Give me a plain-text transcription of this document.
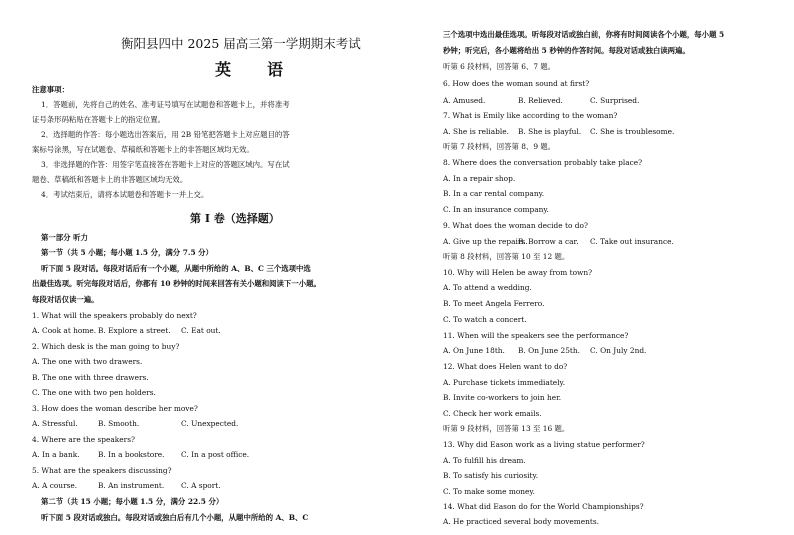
衡阳县四中 2025 届高三第一学期期末考试
英　语
注意事项：
1．答题前，先将自己的姓名、准考证号填写在试题卷和答题卡上，并将准考
证号条形码粘贴在答题卡上的指定位置。
2．选择题的作答：每小题选出答案后，用 2B 铅笔把答题卡上对应题目的答
案标号涂黑，写在试题卷、草稿纸和答题卡上的非答题区域均无效。
3．非选择题的作答：用签字笔直接答在答题卡上对应的答题区域内。写在试
题卷、草稿纸和答题卡上的非答题区域均无效。
4．考试结束后，请将本试题卷和答题卡一并上交。
第 I 卷（选择题）
第一部分 听力
第一节（共 5 小题；每小题 1.5 分，满分 7.5 分）
听下面 5 段对话。每段对话后有一个小题，从题中所给的 A、B、C 三个选项中选
出最佳选项。听完每段对话后，你都有 10 秒钟的时间来回答有关小题和阅读下一小题。
每段对话仅读一遍。
1. What will the speakers probably do next?
A. Cook at home. B. Explore a street. C. Eat out.
2. Which desk is the man going to buy?
A. The one with two drawers.
B. The one with three drawers.
C. The one with two pen holders.
3. How does the woman describe her move?
A. Stressful.	B. Smooth.	C. Unexpected.
4. Where are the speakers?
A. In a bank. B. In a bookstore. C. In a post office.
5. What are the speakers discussing?
A. A course.	B. An instrument. C. A sport.
第二节（共 15 小题；每小题 1.5 分，满分 22.5 分）
听下面 5 段对话或独白。每段对话或独白后有几个小题，从题中所给的 A、B、C
三个选项中选出最佳选项。听每段对话或独白前，你将有时间阅读各个小题，每小题 5
秒钟；听完后，各小题将给出 5 秒钟的作答时间。每段对话或独白读两遍。
听第 6 段材料，回答第 6、7 题。
6. How does the woman sound at first?
A. Amused.	B. Relieved.	C. Surprised.
7. What is Emily like according to the woman?
A. She is reliable. B. She is playful. C. She is troublesome.
听第 7 段材料，回答第 8、9 题。
8. Where does the conversation probably take place?
A. In a repair shop.
B. In a car rental company.
C. In an insurance company.
9. What does the woman decide to do?
A. Give up the repairs.
B. Borrow a car. C. Take out insurance.
听第 8 段材料，回答第 10 至 12 题。
10. Why will Helen be away from town?
A. To attend a wedding.
B. To meet Angela Ferrero.
C. To watch a concert.
11. When will the speakers see the performance?
A. On June 18th. B. On June 25th. C. On July 2nd.
12. What does Helen want to do?
A. Purchase tickets immediately.
B. Invite co-workers to join her.
C. Check her work emails.
听第 9 段材料，回答第 13 至 16 题。
13. Why did Eason work as a living statue performer?
A. To fulfill his dream.
B. To satisfy his curiosity.
C. To make some money.
14. What did Eason do for the World Championships?
A. He practiced several body movements.
